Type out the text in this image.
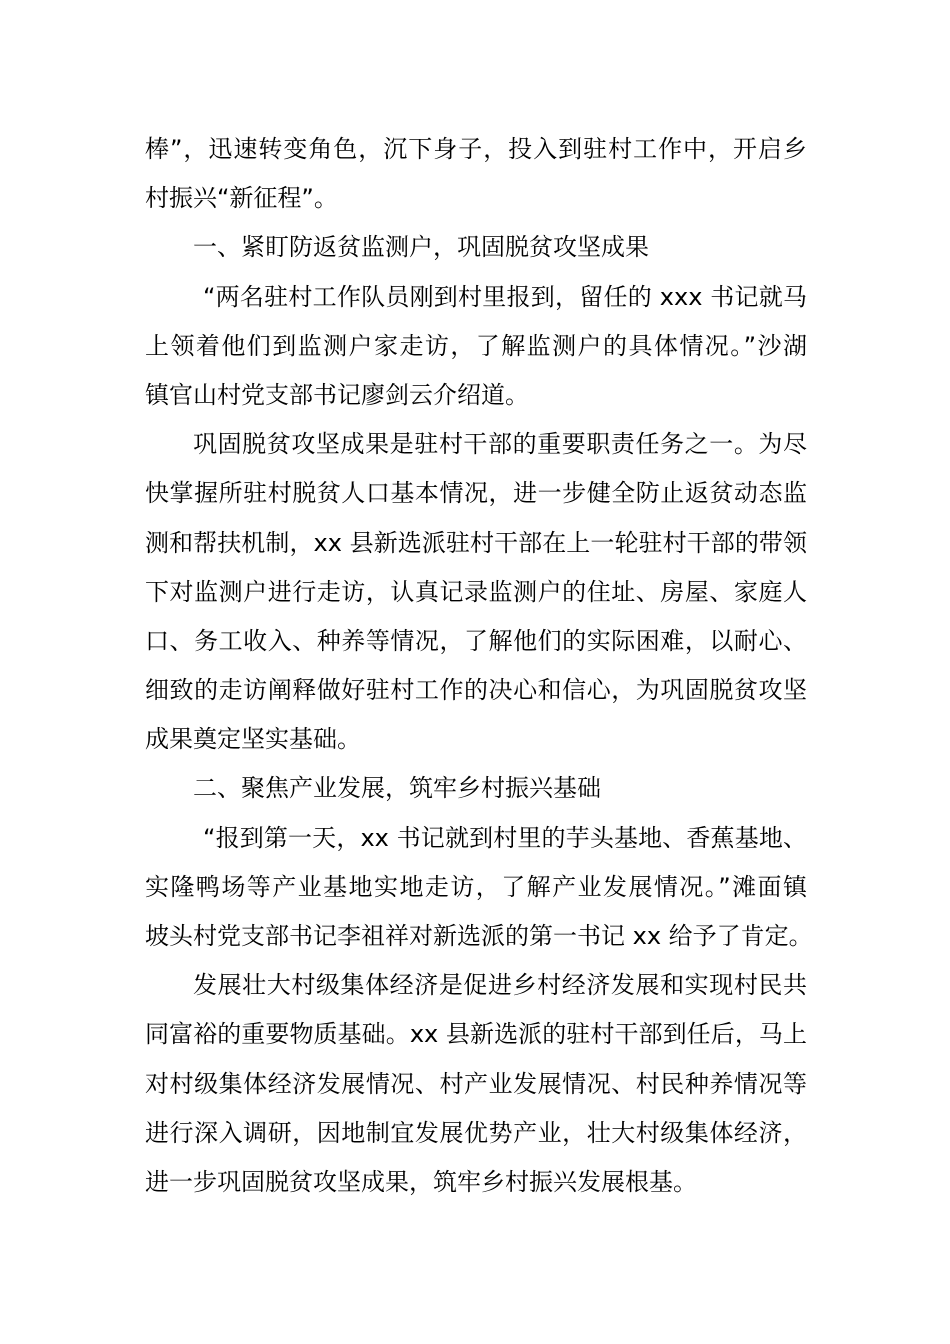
棒”，迅速转变角色，沉下身子，投入到驻村工作中，开启乡
村振兴“新征程”。
一、紧盯防返贫监测户，巩固脱贫攻坚成果
“两名驻村工作队员刚到村里报到，留任的 xxx 书记就马
上领着他们到监测户家走访，了解监测户的具体情况。”沙湖
镇官山村党支部书记廖剑云介绍道。
巩固脱贫攻坚成果是驻村干部的重要职责任务之一。为尽
快掌握所驻村脱贫人口基本情况，进一步健全防止返贫动态监
测和帮扶机制，xx 县新选派驻村干部在上一轮驻村干部的带领
下对监测户进行走访，认真记录监测户的住址、房屋、家庭人
口、务工收入、种养等情况，了解他们的实际困难，以耐心、
细致的走访阐释做好驻村工作的决心和信心，为巩固脱贫攻坚
成果奠定坚实基础。
二、聚焦产业发展，筑牢乡村振兴基础
“报到第一天，xx 书记就到村里的芋头基地、香蕉基地、
实隆鸭场等产业基地实地走访，了解产业发展情况。”滩面镇
坡头村党支部书记李祖祥对新选派的第一书记 xx 给予了肯定。
发展壮大村级集体经济是促进乡村经济发展和实现村民共
同富裕的重要物质基础。xx 县新选派的驻村干部到任后，马上
对村级集体经济发展情况、村产业发展情况、村民种养情况等
进行深入调研，因地制宜发展优势产业，壮大村级集体经济，
进一步巩固脱贫攻坚成果，筑牢乡村振兴发展根基。
